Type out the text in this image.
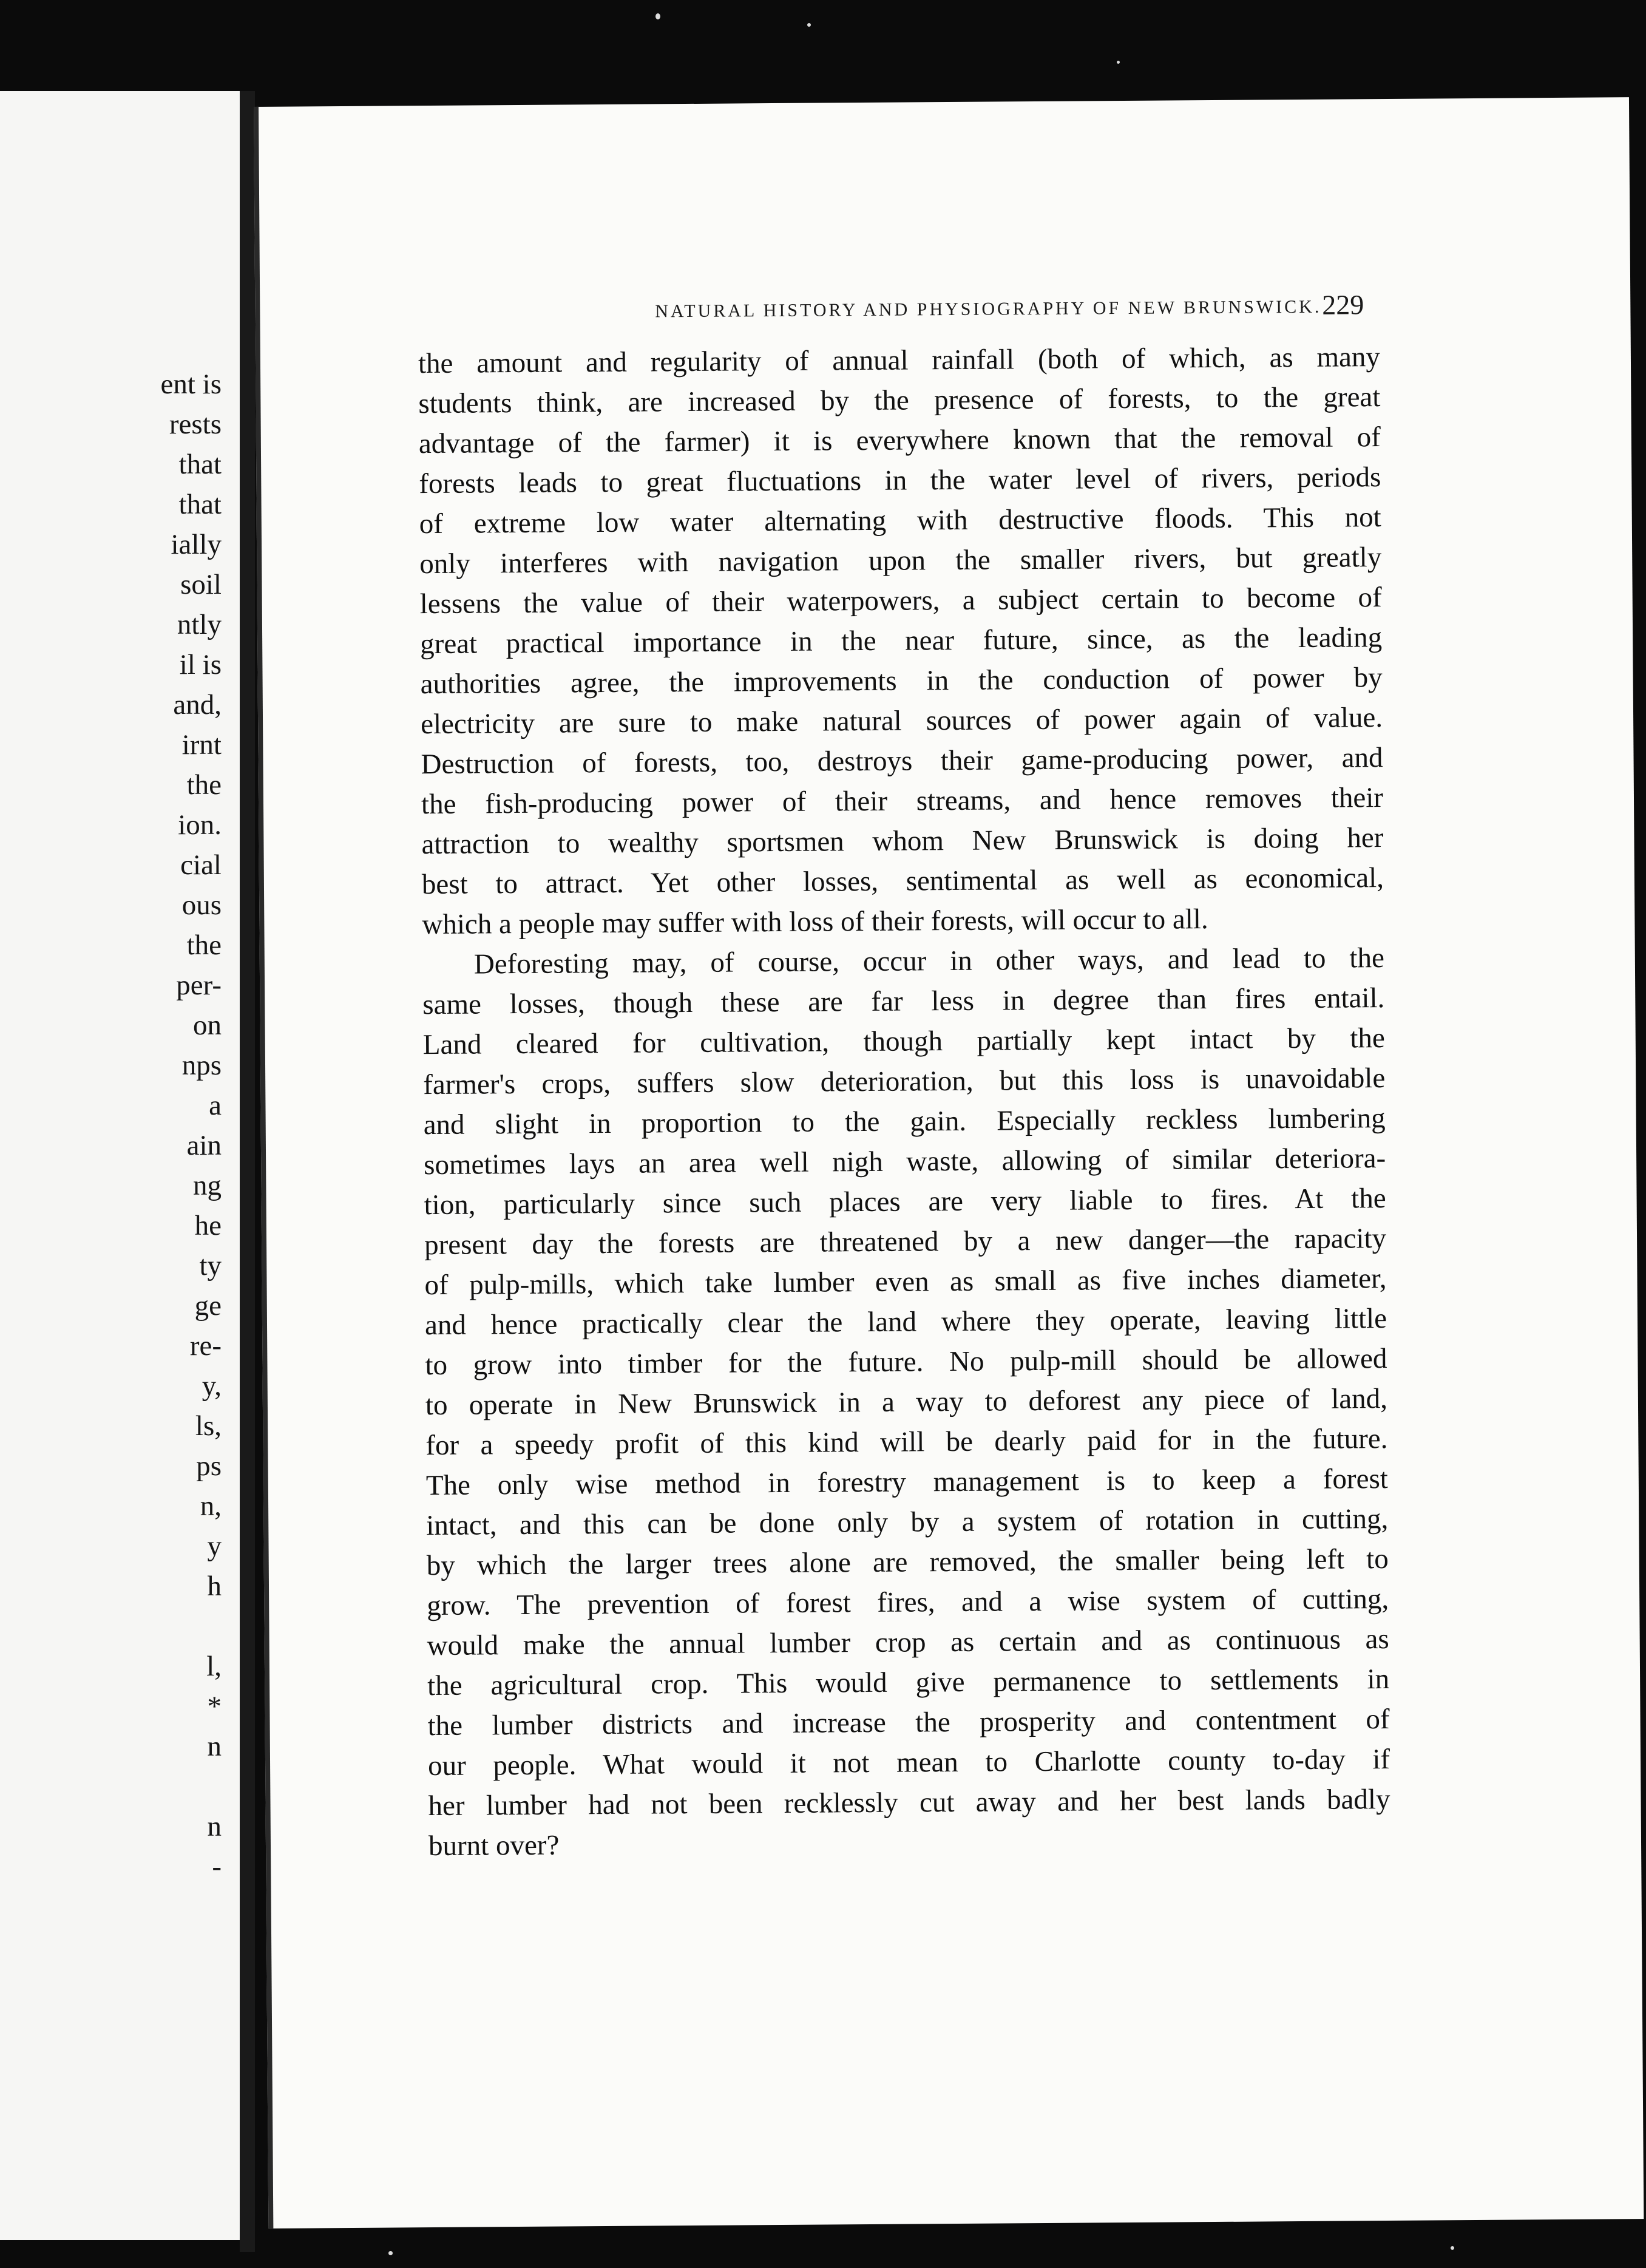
ent is
rests
that
that
ially
soil
ntly
il is
and,
irnt
the
ion.
cial
ous
the
per-
on
nps
a
ain
ng
he
ty
ge
re-
y,
ls,
ps
n,
y
h
l,
*
n
n
-
NATURAL HISTORY AND PHYSIOGRAPHY OF NEW BRUNSWICK. 229

the amount and regularity of annual rainfall (both of which, as many
students think, are increased by the presence of forests, to the great
advantage of the farmer) it is everywhere known that the removal of
forests leads to great fluctuations in the water level of rivers, periods
of extreme low water alternating with destructive floods. This not
only interferes with navigation upon the smaller rivers, but greatly
lessens the value of their waterpowers, a subject certain to become of
great practical importance in the near future, since, as the leading
authorities agree, the improvements in the conduction of power by
electricity are sure to make natural sources of power again of value.
Destruction of forests, too, destroys their game-producing power, and
the fish-producing power of their streams, and hence removes their
attraction to wealthy sportsmen whom New Brunswick is doing her
best to attract. Yet other losses, sentimental as well as economical,
which a people may suffer with loss of their forests, will occur to all.

Deforesting may, of course, occur in other ways, and lead to the
same losses, though these are far less in degree than fires entail.
Land cleared for cultivation, though partially kept intact by the
farmer's crops, suffers slow deterioration, but this loss is unavoidable
and slight in proportion to the gain. Especially reckless lumbering
sometimes lays an area well nigh waste, allowing of similar deteriora-
tion, particularly since such places are very liable to fires. At the
present day the forests are threatened by a new danger—the rapacity
of pulp-mills, which take lumber even as small as five inches diameter,
and hence practically clear the land where they operate, leaving little
to grow into timber for the future. No pulp-mill should be allowed
to operate in New Brunswick in a way to deforest any piece of land,
for a speedy profit of this kind will be dearly paid for in the future.
The only wise method in forestry management is to keep a forest
intact, and this can be done only by a system of rotation in cutting,
by which the larger trees alone are removed, the smaller being left to
grow. The prevention of forest fires, and a wise system of cutting,
would make the annual lumber crop as certain and as continuous as
the agricultural crop. This would give permanence to settlements in
the lumber districts and increase the prosperity and contentment of
our people. What would it not mean to Charlotte county to-day if
her lumber had not been recklessly cut away and her best lands badly
burnt over?
